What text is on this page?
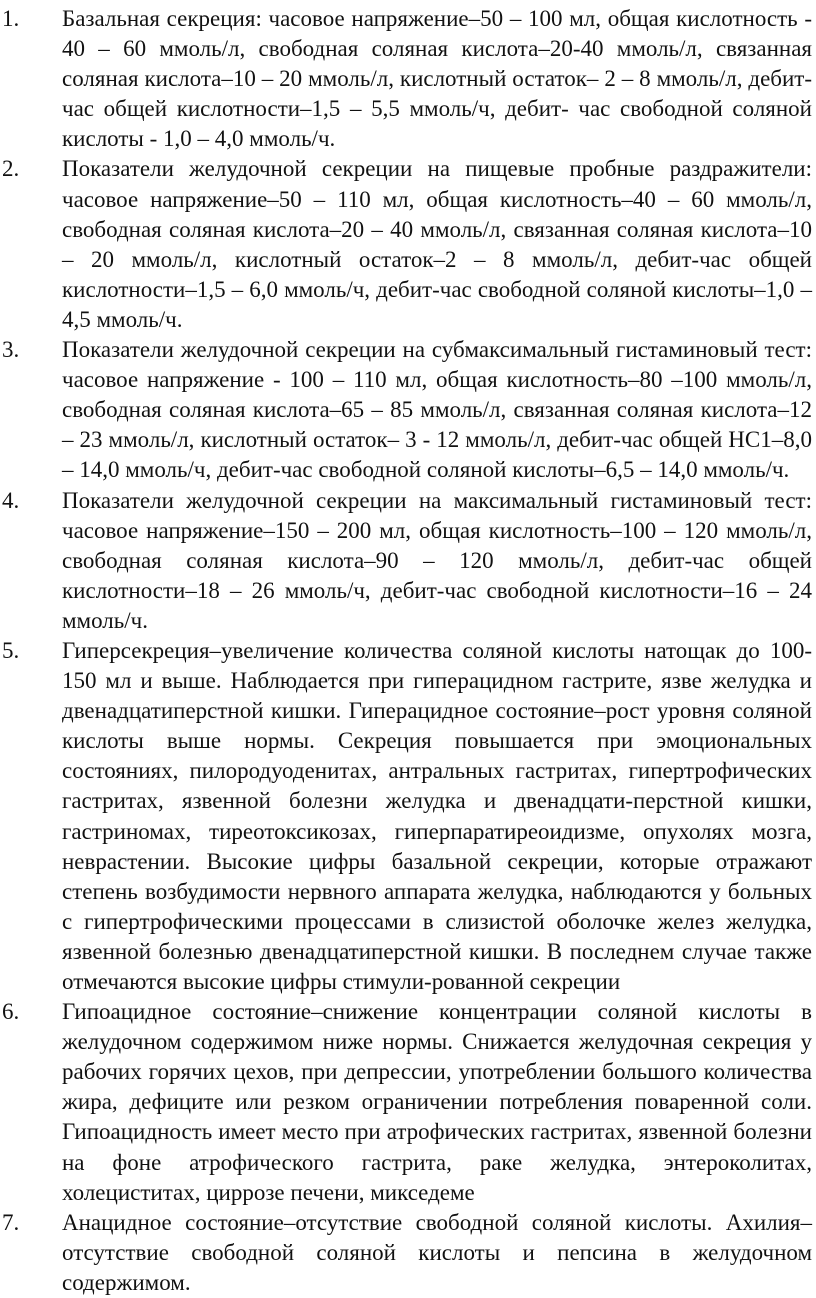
1. Базальная секреция: часовое напряжение–50 – 100 мл, общая кислотность - 40 – 60 ммоль/л, свободная соляная кислота–20-40 ммоль/л, связанная соляная кислота–10 – 20 ммоль/л, кислотный остаток– 2 – 8 ммоль/л, дебит-час общей кислотности–1,5 – 5,5 ммоль/ч, дебит- час свободной соляной кислоты - 1,0 – 4,0 ммоль/ч.
2. Показатели желудочной секреции на пищевые пробные раздражители: часовое напряжение–50 – 110 мл, общая кислотность–40 – 60 ммоль/л, свободная соляная кислота–20 – 40 ммоль/л, связанная соляная кислота–10 – 20 ммоль/л, кислотный остаток–2 – 8 ммоль/л, дебит-час общей кислотности–1,5 – 6,0 ммоль/ч, дебит-час свободной соляной кислоты–1,0 – 4,5 ммоль/ч.
3. Показатели желудочной секреции на субмаксимальный гистаминовый тест: часовое напряжение - 100 – 110 мл, общая кислотность–80 –100 ммоль/л, свободная соляная кислота–65 – 85 ммоль/л, связанная соляная кислота–12 – 23 ммоль/л, кислотный остаток– 3 - 12 ммоль/л, дебит-час общей НС1–8,0 – 14,0 ммоль/ч, дебит-час свободной соляной кислоты–6,5 – 14,0 ммоль/ч.
4. Показатели желудочной секреции на максимальный гистаминовый тест: часовое напряжение–150 – 200 мл, общая кислотность–100 – 120 ммоль/л, свободная соляная кислота–90 – 120 ммоль/л, дебит-час общей кислотности–18 – 26 ммоль/ч, дебит-час свободной кислотности–16 – 24 ммоль/ч.
5. Гиперсекреция–увеличение количества соляной кислоты натощак до 100-150 мл и выше. Наблюдается при гиперацидном гастрите, язве желудка и двенадцатиперстной кишки. Гиперацидное состояние–рост уровня соляной кислоты выше нормы. Секреция повышается при эмоциональных состояниях, пилородуоденитах, антральных гастритах, гипертрофических гастритах, язвенной болезни желудка и двенадцати-перстной кишки, гастриномах, тиреотоксикозах, гиперпаратиреоидизме, опухолях мозга, неврастении. Высокие цифры базальной секреции, которые отражают степень возбудимости нервного аппарата желудка, наблюдаются у больных с гипертрофическими процессами в слизистой оболочке желез желудка, язвенной болезнью двенадцатиперстной кишки. В последнем случае также отмечаются высокие цифры стимули-рованной секреции
6. Гипоацидное состояние–снижение концентрации соляной кислоты в желудочном содержимом ниже нормы. Снижается желудочная секреция у рабочих горячих цехов, при депрессии, употреблении большого количества жира, дефиците или резком ограничении потребления поваренной соли. Гипоацидность имеет место при атрофических гастритах, язвенной болезни на фоне атрофического гастрита, раке желудка, энтероколитах, холециститах, циррозе печени, микседеме
7. Анацидное состояние–отсутствие свободной соляной кислоты. Ахилия–отсутствие свободной соляной кислоты и пепсина в желудочном содержимом.
